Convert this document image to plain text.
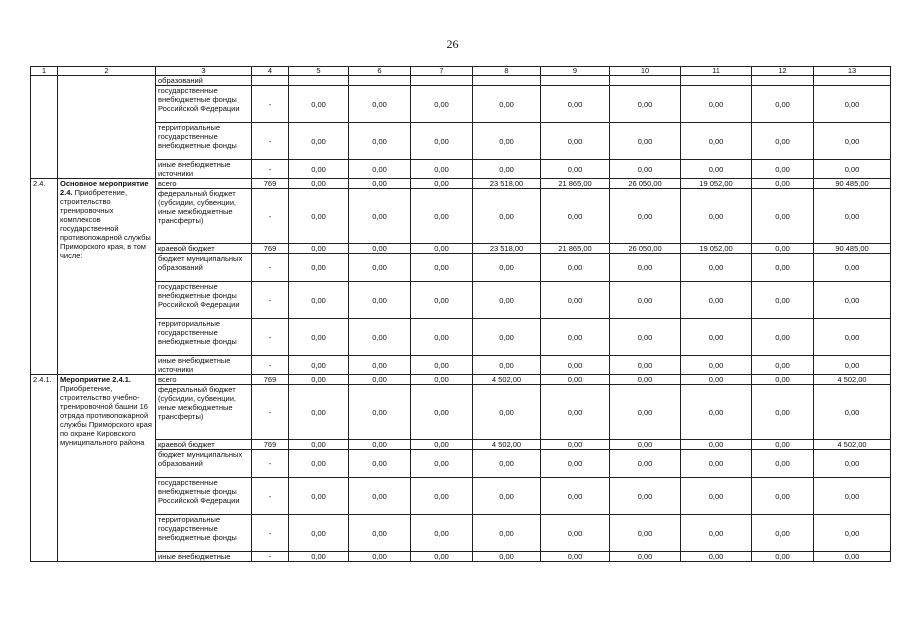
26
1	2	3	4	5	6	7	8	9	10	11	12	13
		образований										
		государственные внебюджетные фонды Российской Федерации	-	0,00	0,00	0,00	0,00	0,00	0,00	0,00	0,00	0,00
		территориальные государственные внебюджетные фонды	-	0,00	0,00	0,00	0,00	0,00	0,00	0,00	0,00	0,00
		иные внебюджетные источники	-	0,00	0,00	0,00	0,00	0,00	0,00	0,00	0,00	0,00
2.4.	Основное мероприятие 2.4. Приобретение, строительство тренировочных комплексов государственной противопожарной службы Приморского края, в том числе:	всего	769	0,00	0,00	0,00	23 518,00	21 865,00	26 050,00	19 052,00	0,00	90 485,00
		федеральный бюджет (субсидии, субвенции, иные межбюджетные трансферты)	-	0,00	0,00	0,00	0,00	0,00	0,00	0,00	0,00	0,00
		краевой бюджет	769	0,00	0,00	0,00	23 518,00	21 865,00	26 050,00	19 052,00	0,00	90 485,00
		бюджет муниципальных образований	-	0,00	0,00	0,00	0,00	0,00	0,00	0,00	0,00	0,00
		государственные внебюджетные фонды Российской Федерации	-	0,00	0,00	0,00	0,00	0,00	0,00	0,00	0,00	0,00
		территориальные государственные внебюджетные фонды	-	0,00	0,00	0,00	0,00	0,00	0,00	0,00	0,00	0,00
		иные внебюджетные источники	-	0,00	0,00	0,00	0,00	0,00	0,00	0,00	0,00	0,00
2.4.1.	Мероприятие 2.4.1. Приобретение, строительство учебно-тренировочной башни 16 отряда противопожарной службы Приморского края по охране Кировского муниципального района	всего	769	0,00	0,00	0,00	4 502,00	0,00	0,00	0,00	0,00	4 502,00
		федеральный бюджет (субсидии, субвенции, иные межбюджетные трансферты)	-	0,00	0,00	0,00	0,00	0,00	0,00	0,00	0,00	0,00
		краевой бюджет	769	0,00	0,00	0,00	4 502,00	0,00	0,00	0,00	0,00	4 502,00
		бюджет муниципальных образований	-	0,00	0,00	0,00	0,00	0,00	0,00	0,00	0,00	0,00
		государственные внебюджетные фонды Российской Федерации	-	0,00	0,00	0,00	0,00	0,00	0,00	0,00	0,00	0,00
		территориальные государственные внебюджетные фонды	-	0,00	0,00	0,00	0,00	0,00	0,00	0,00	0,00	0,00
		иные внебюджетные	-	0,00	0,00	0,00	0,00	0,00	0,00	0,00	0,00	0,00
